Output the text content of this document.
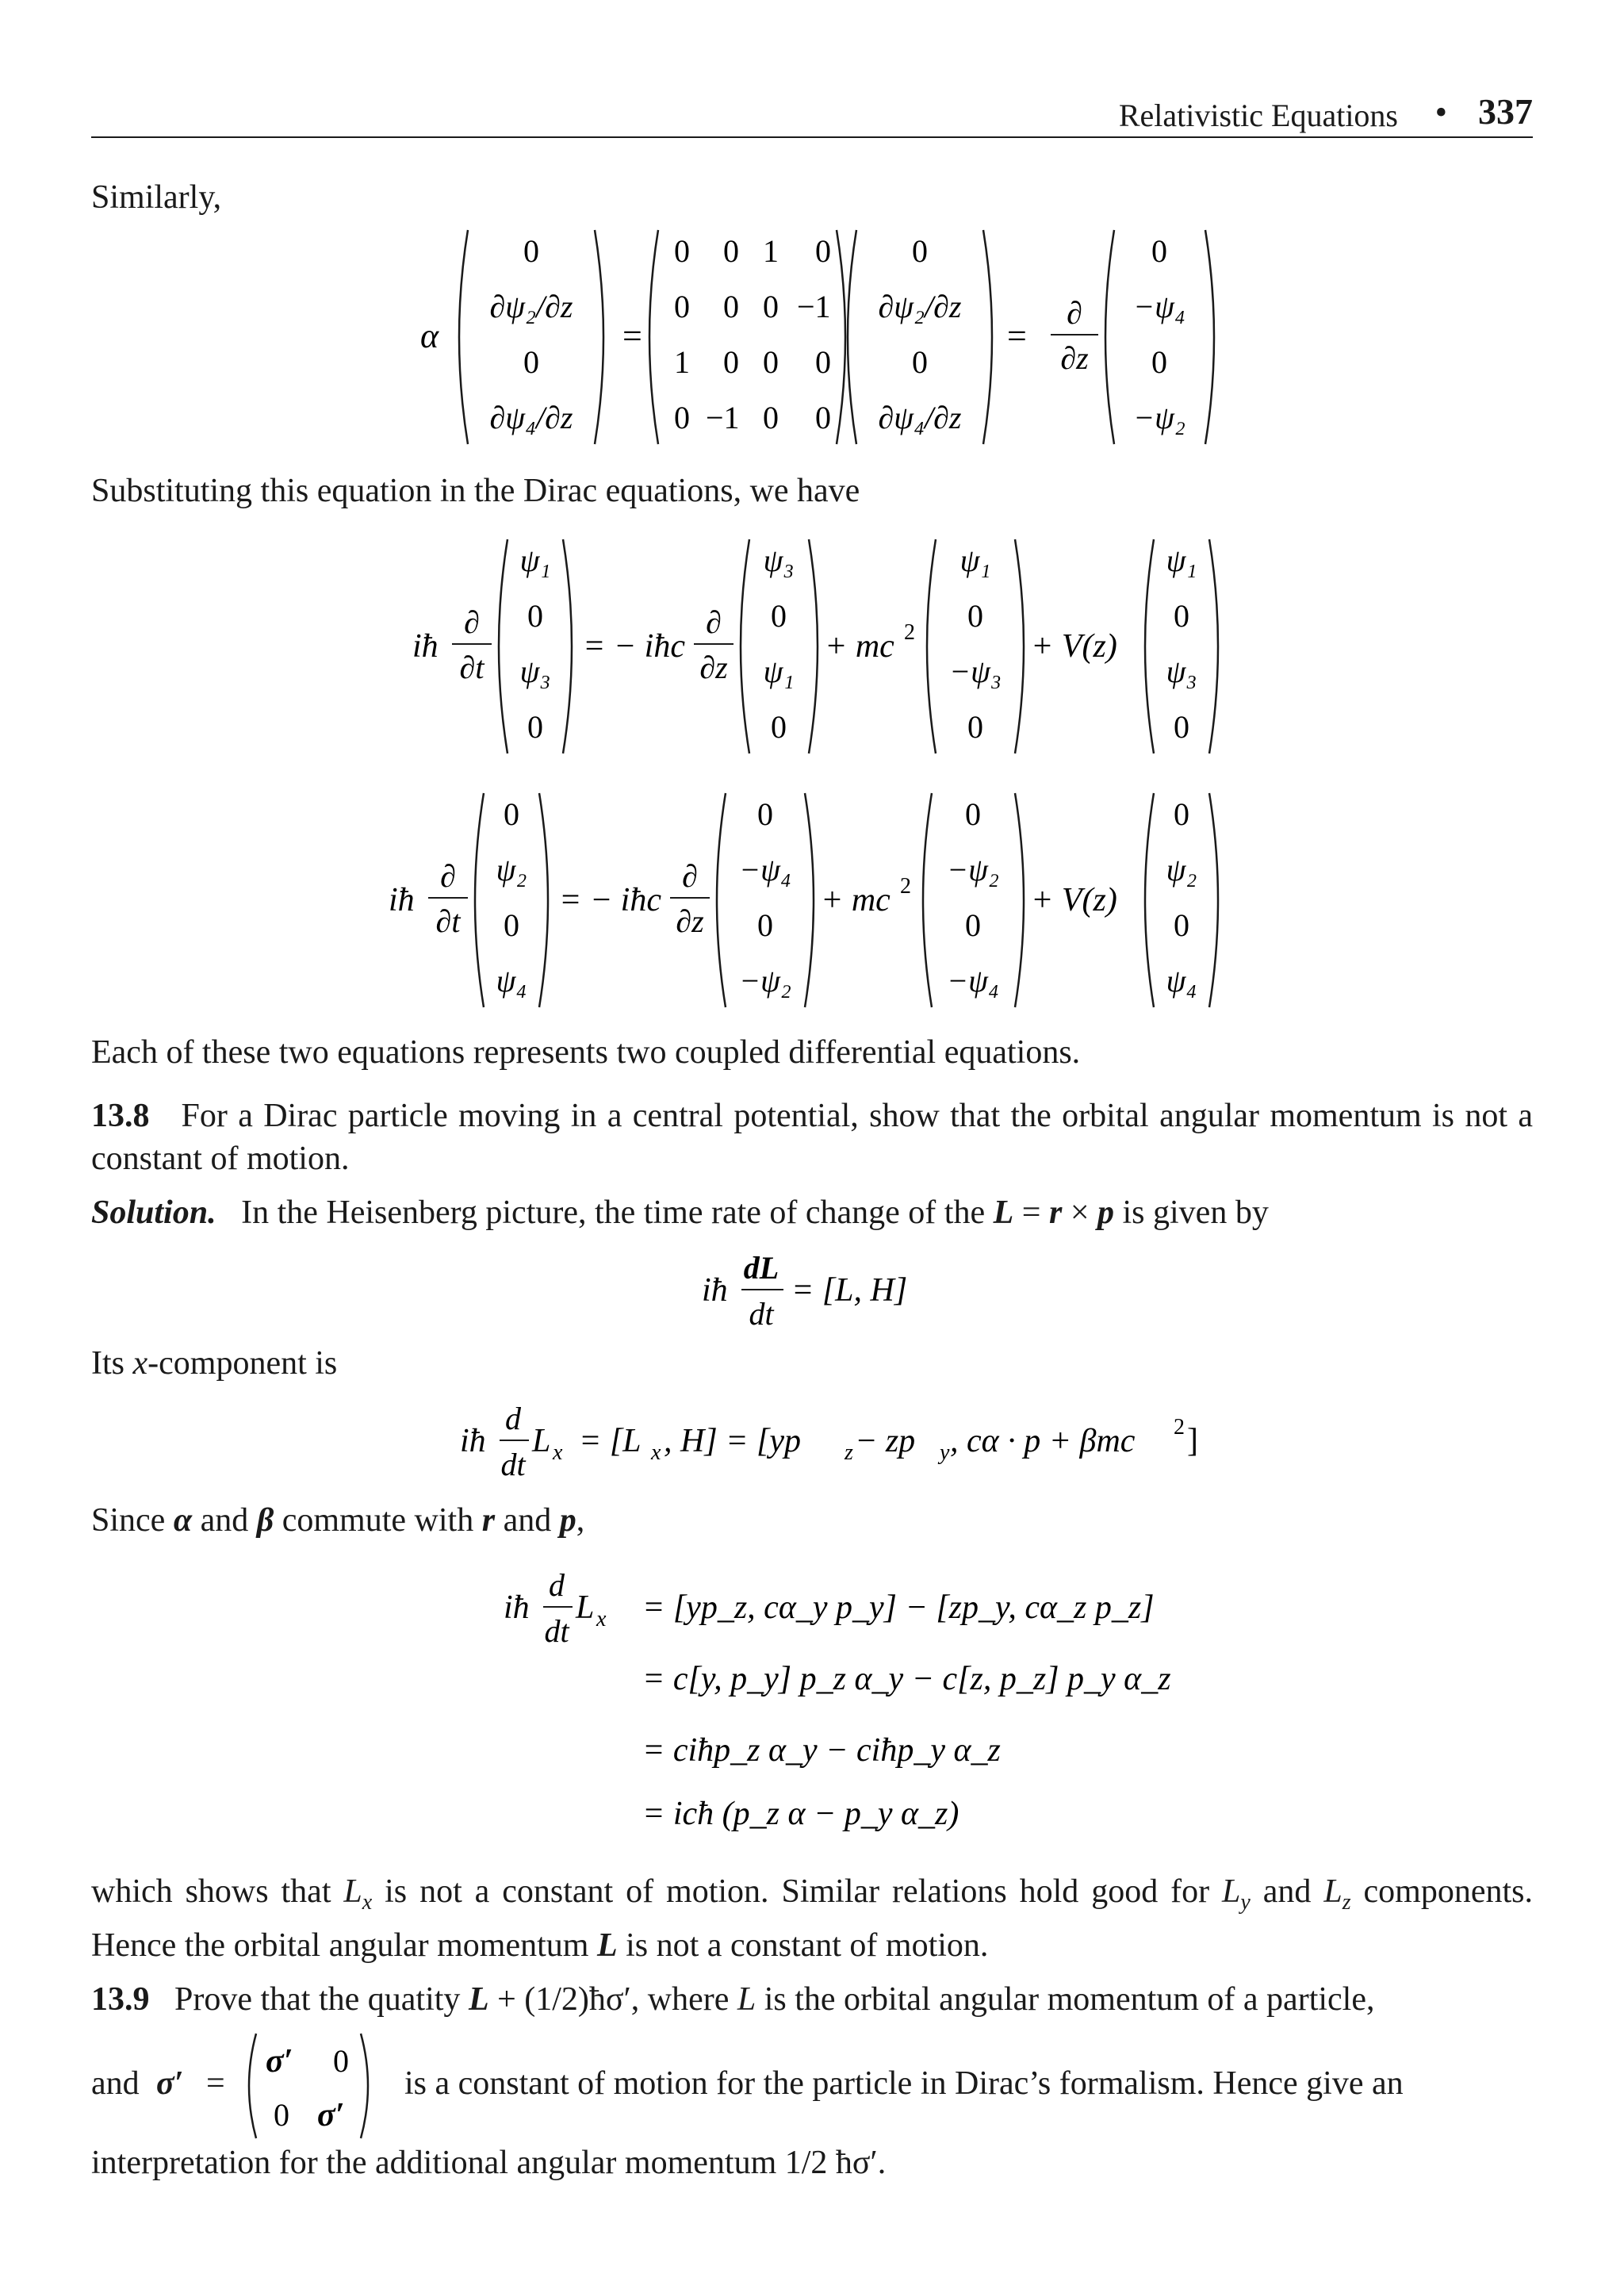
Relativistic Equations • 337
Similarly,
α
0
∂ψ₂/∂z
0
∂ψ₄/∂z
=
0 0 1 0
0 0 0 −1
1 0 0 0
0 −1 0 0
0
∂ψ₂/∂z
0
∂ψ₄/∂z
=
∂
∂z
0
−ψ₄
0
−ψ₂
Substituting this equation in the Dirac equations, we have
iħ
∂
∂t
ψ₁
0
ψ₃
0
= − iħc
∂
∂z
ψ₃
0
ψ₁
0
+ mc 2
ψ₁
0
−ψ₃
0
+ V(z)
ψ₁
0
ψ₃
0
iħ
∂
∂t
0
ψ₂
0
ψ₄
= − iħc
∂
∂z
0
−ψ₄
0
−ψ₂
+ mc 2
0
−ψ₂
0
−ψ₄
+ V(z)
0
ψ₂
0
ψ₄
Each of these two equations represents two coupled differential equations.
13.8 For a Dirac particle moving in a central potential, show that the orbital angular momentum is not a constant of motion.
Solution. In the Heisenberg picture, the time rate of change of the L = r × p is given by
iħ
dL
dt
= [L, H]
Its x-component is
iħ
d
dt
L x = [L x , H] = [yp z − zp y , cα · p + βmc 2 ]
Since α and β commute with r and p,
iħ
d
dt
L x = [yp_z, cα_y p_y] − [zp_y, cα_z p_z]
= c[y, p_y] p_z α_y − c[z, p_z] p_y α_z
= ciħp_z α_y − ciħp_y α_z
= icħ (p_z α − p_y α_z)
which shows that $L_x$ is not a constant of motion. Similar relations hold good for $L_y$ and $L_z$ components. Hence the orbital angular momentum L is not a constant of motion.
13.9 Prove that the quatity L + (1/2)ħσ′, where L is the orbital angular momentum of a particle,
and σ′ =
σ′ 0
0 σ′
is a constant of motion for the particle in Dirac’s formalism. Hence give an
interpretation for the additional angular momentum 1/2 ħσ′.
